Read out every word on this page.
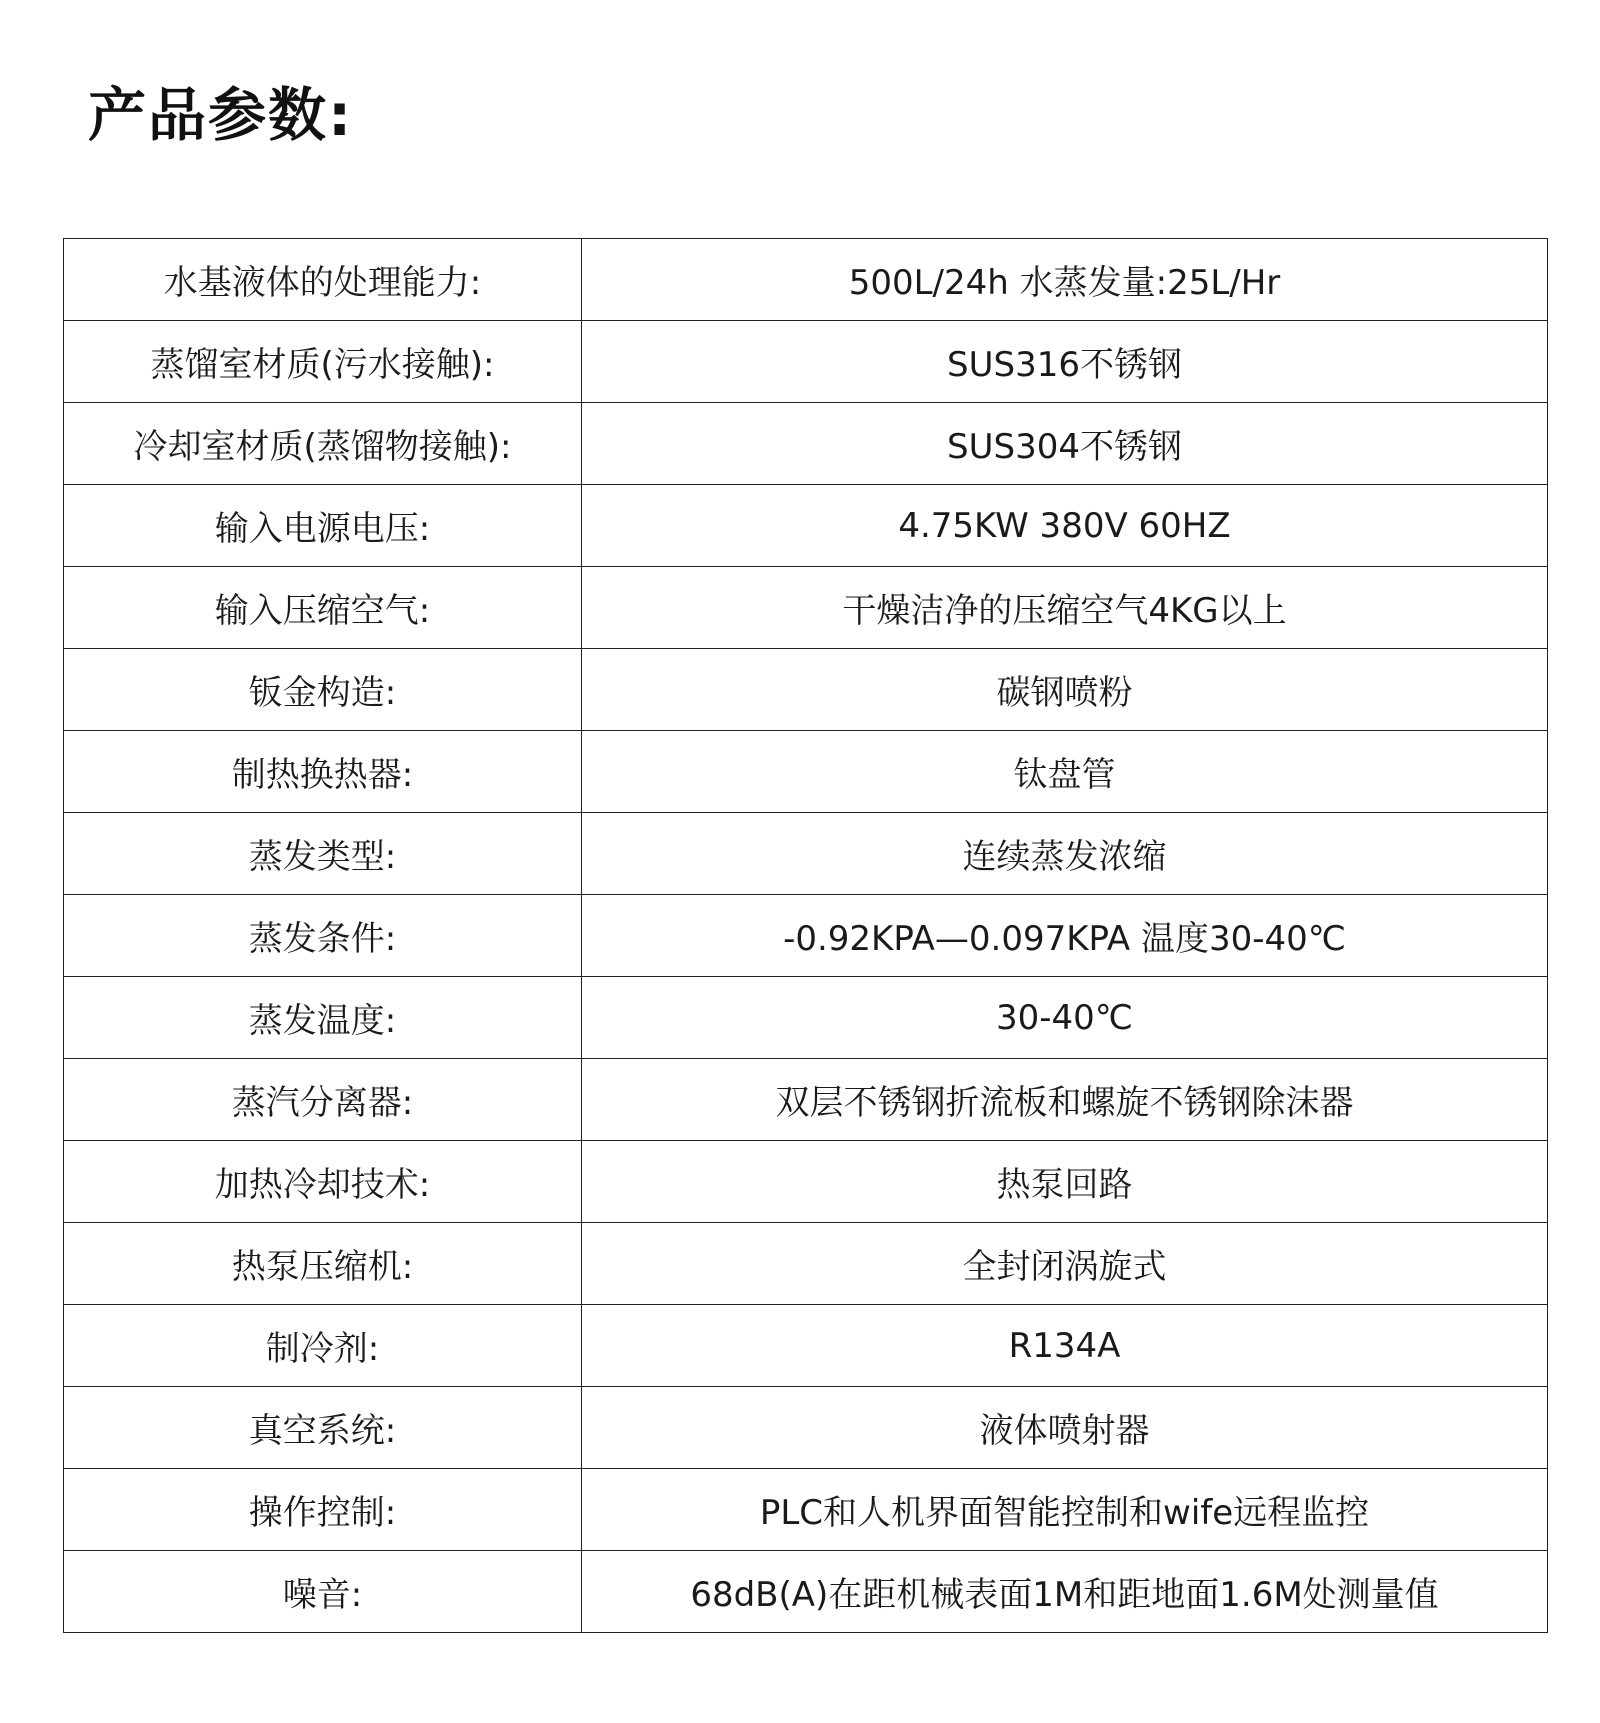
产品参数:
水基液体的处理能力:	500L/24h 水蒸发量:25L/Hr
蒸馏室材质(污水接触):	SUS316不锈钢
冷却室材质(蒸馏物接触):	SUS304不锈钢
输入电源电压:	4.75KW 380V 60HZ
输入压缩空气:	干燥洁净的压缩空气4KG以上
钣金构造:	碳钢喷粉
制热换热器:	钛盘管
蒸发类型:	连续蒸发浓缩
蒸发条件:	-0.92KPA—0.097KPA 温度30-40℃
蒸发温度:	30-40℃
蒸汽分离器:	双层不锈钢折流板和螺旋不锈钢除沫器
加热冷却技术:	热泵回路
热泵压缩机:	全封闭涡旋式
制冷剂:	R134A
真空系统:	液体喷射器
操作控制:	PLC和人机界面智能控制和wife远程监控
噪音:	68dB(A)在距机械表面1M和距地面1.6M处测量值
